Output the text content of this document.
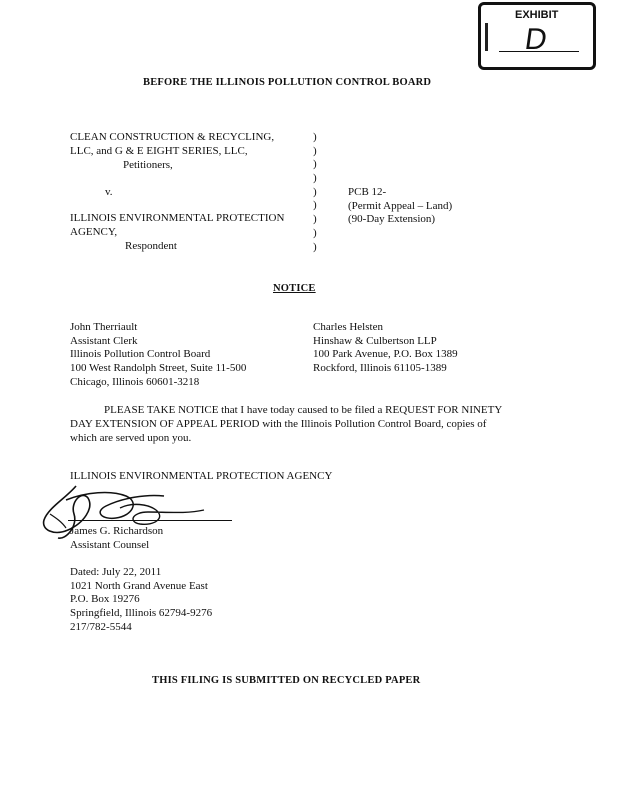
EXHIBIT
D
BEFORE THE ILLINOIS POLLUTION CONTROL BOARD
CLEAN CONSTRUCTION & RECYCLING,
LLC, and G & E EIGHT SERIES, LLC,
Petitioners,
v.
ILLINOIS ENVIRONMENTAL PROTECTION
AGENCY,
Respondent
)
)
)
)
)
)
)
)
)
PCB 12-
(Permit Appeal – Land)
(90-Day Extension)
NOTICE
John Therriault
Assistant Clerk
Illinois Pollution Control Board
100 West Randolph Street, Suite 11-500
Chicago, Illinois 60601-3218
Charles Helsten
Hinshaw & Culbertson LLP
100 Park Avenue, P.O. Box 1389
Rockford, Illinois 61105-1389
PLEASE TAKE NOTICE that I have today caused to be filed a REQUEST FOR NINETY
DAY EXTENSION OF APPEAL PERIOD with the Illinois Pollution Control Board, copies of
which are served upon you.
ILLINOIS ENVIRONMENTAL PROTECTION AGENCY
James G. Richardson
Assistant Counsel
Dated: July 22, 2011
1021 North Grand Avenue East
P.O. Box 19276
Springfield, Illinois 62794-9276
217/782-5544
THIS FILING IS SUBMITTED ON RECYCLED PAPER
